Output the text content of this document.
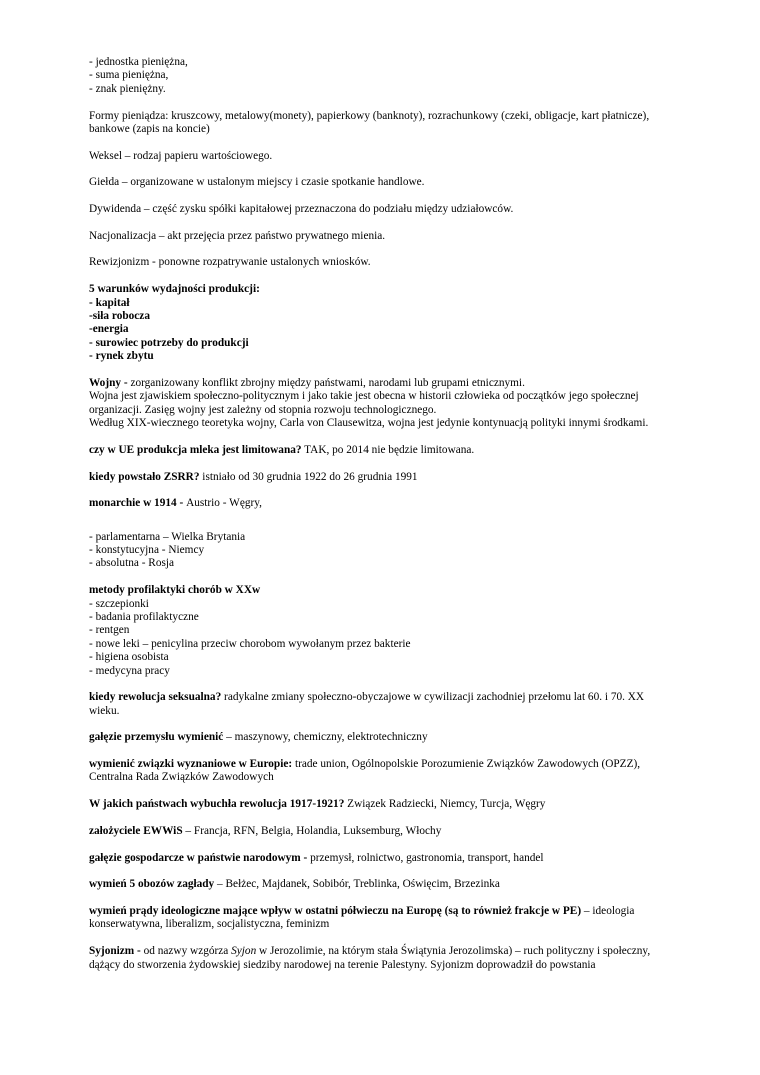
- jednostka pieniężna,
- suma pieniężna,
- znak pieniężny.
Formy pieniądza: kruszcowy, metalowy(monety), papierkowy (banknoty), rozrachunkowy (czeki, obligacje, kart płatnicze),
bankowe (zapis na koncie)
Weksel – rodzaj papieru wartościowego.
Giełda – organizowane w ustalonym miejscy i czasie spotkanie handlowe.
Dywidenda – część zysku spółki kapitałowej przeznaczona do podziału między udziałowców.
Nacjonalizacja – akt przejęcia przez państwo prywatnego mienia.
Rewizjonizm - ponowne rozpatrywanie ustalonych wniosków.
5 warunków wydajności produkcji:
- kapitał
-siła robocza
-energia
- surowiec potrzeby do produkcji
- rynek zbytu
Wojny - zorganizowany konflikt zbrojny między państwami, narodami lub grupami etnicznymi.
Wojna jest zjawiskiem społeczno-politycznym i jako takie jest obecna w historii człowieka od początków jego społecznej
organizacji. Zasięg wojny jest zależny od stopnia rozwoju technologicznego.
Według XIX-wiecznego teoretyka wojny, Carla von Clausewitza, wojna jest jedynie kontynuacją polityki innymi środkami.
czy w UE produkcja mleka jest limitowana? TAK, po 2014 nie będzie limitowana.
kiedy powstało ZSRR? istniało od 30 grudnia 1922 do 26 grudnia 1991
monarchie w 1914 - Austrio - Węgry,
- parlamentarna – Wielka Brytania
- konstytucyjna - Niemcy
- absolutna - Rosja
metody profilaktyki chorób w XXw
- szczepionki
- badania profilaktyczne
- rentgen
- nowe leki – penicylina przeciw chorobom wywołanym przez bakterie
- higiena osobista
- medycyna pracy
kiedy rewolucja seksualna? radykalne zmiany społeczno-obyczajowe w cywilizacji zachodniej przełomu lat 60. i 70. XX
wieku.
gałęzie przemysłu wymienić – maszynowy, chemiczny, elektrotechniczny
wymienić związki wyznaniowe w Europie: trade union, Ogólnopolskie Porozumienie Związków Zawodowych (OPZZ),
Centralna Rada Związków Zawodowych
W jakich państwach wybuchła rewolucja 1917-1921? Związek Radziecki, Niemcy, Turcja, Węgry
założyciele EWWiS – Francja, RFN, Belgia, Holandia, Luksemburg, Włochy
gałęzie gospodarcze w państwie narodowym - przemysł, rolnictwo, gastronomia, transport, handel
wymień 5 obozów zagłady – Bełżec, Majdanek, Sobibór, Treblinka, Oświęcim, Brzezinka
wymień prądy ideologiczne mające wpływ w ostatni półwieczu na Europę (są to również frakcje w PE) – ideologia
konserwatywna, liberalizm, socjalistyczna, feminizm
Syjonizm - od nazwy wzgórza Syjon w Jerozolimie, na którym stała Świątynia Jerozolimska) – ruch polityczny i społeczny,
dążący do stworzenia żydowskiej siedziby narodowej na terenie Palestyny. Syjonizm doprowadził do powstania
